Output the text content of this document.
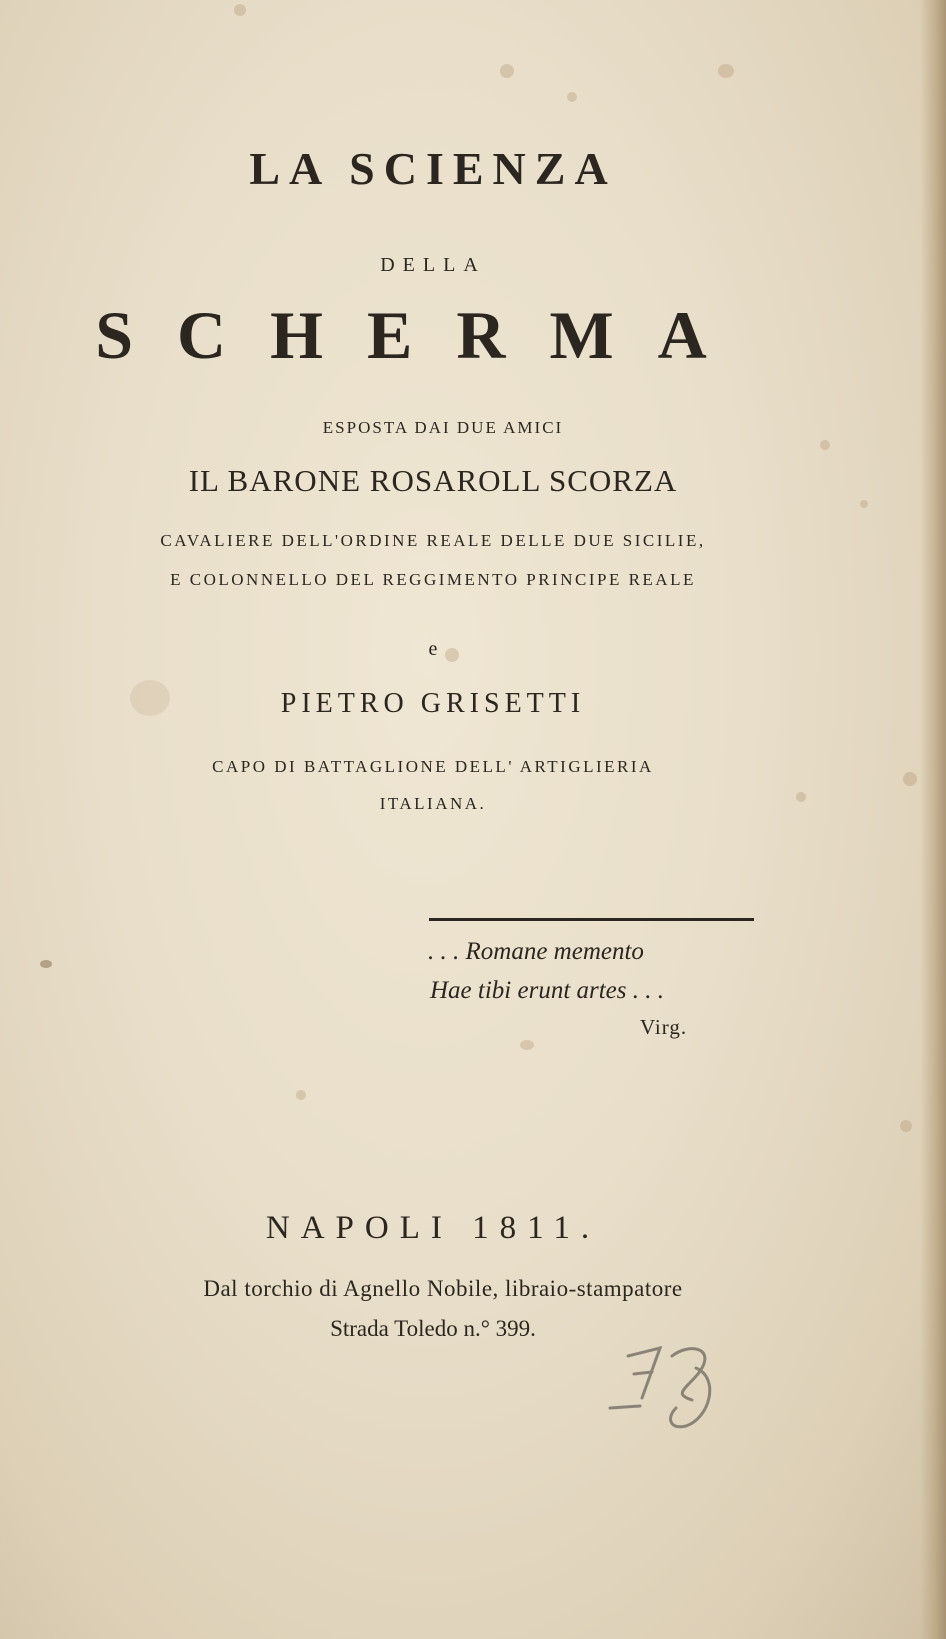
LA SCIENZA
DELLA
SCHERMA
ESPOSTA DAI DUE AMICI
IL BARONE ROSAROLL SCORZA
CAVALIERE DELL'ORDINE REALE DELLE DUE SICILIE,
E COLONNELLO DEL REGGIMENTO PRINCIPE REALE
e
PIETRO GRISETTI
CAPO DI BATTAGLIONE DELL' ARTIGLIERIA
ITALIANA.
. . . Romane memento
Hae tibi erunt artes . . .
Virg.
NAPOLI 1811.
Dal torchio di Agnello Nobile, libraio-stampatore
Strada Toledo n.° 399.
